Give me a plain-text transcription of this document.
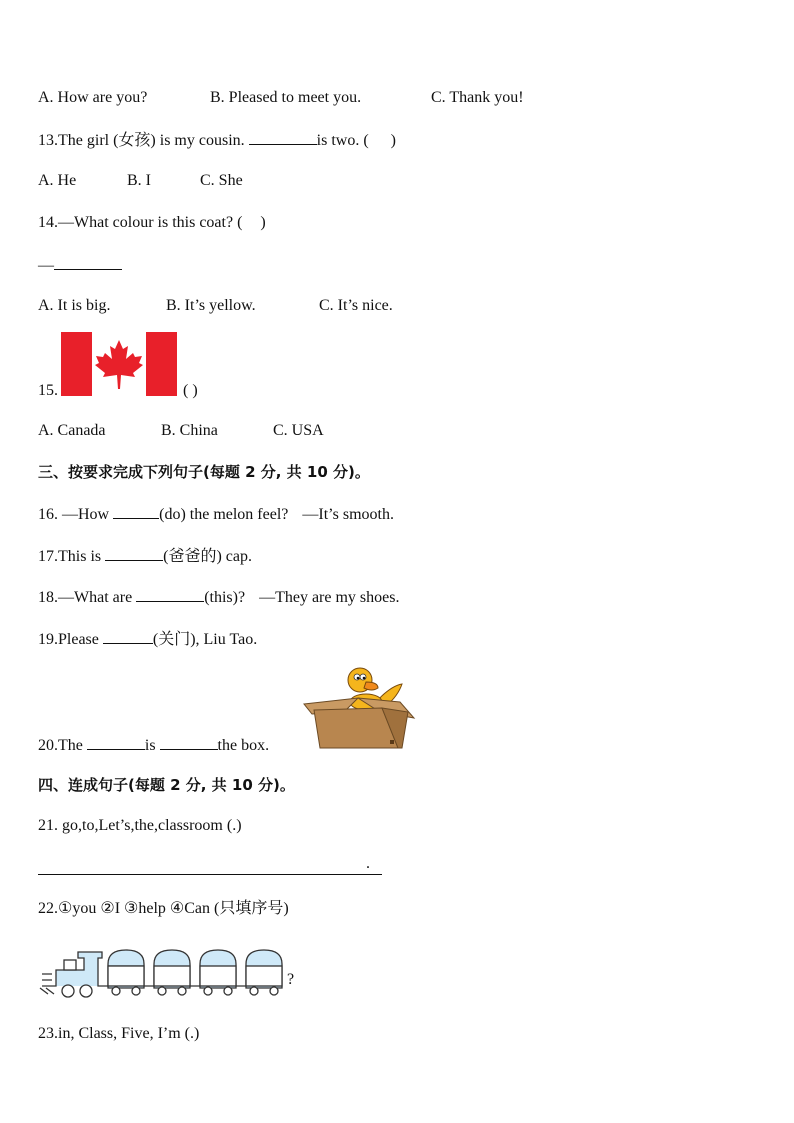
A. How are you?	B. Pleased to meet you.	C. Thank you!
13.The girl (女孩) is my cousin.	is two. ( )
A. He	B. I	C. She
14.—What colour is this coat? ( )
—
A. It is big.	B. It’s yellow.	C. It’s nice.
15.	( )
A. Canada	B. China	C. USA
三、按要求完成下列句子(每题 2 分, 共 10 分)。
16. —How	(do) the melon feel? —It’s smooth.
17.This is	(爸爸的) cap.
18.—What are	(this)? —They are my shoes.
19.Please	(关门), Liu Tao.
20.The	is	the box.
四、连成句子(每题 2 分, 共 10 分)。
21. go,to,Let’s,the,classroom (.)
.
22.①you ②I ③help ④Can (只填序号)
?
23.in, Class, Five, I’m (.)
